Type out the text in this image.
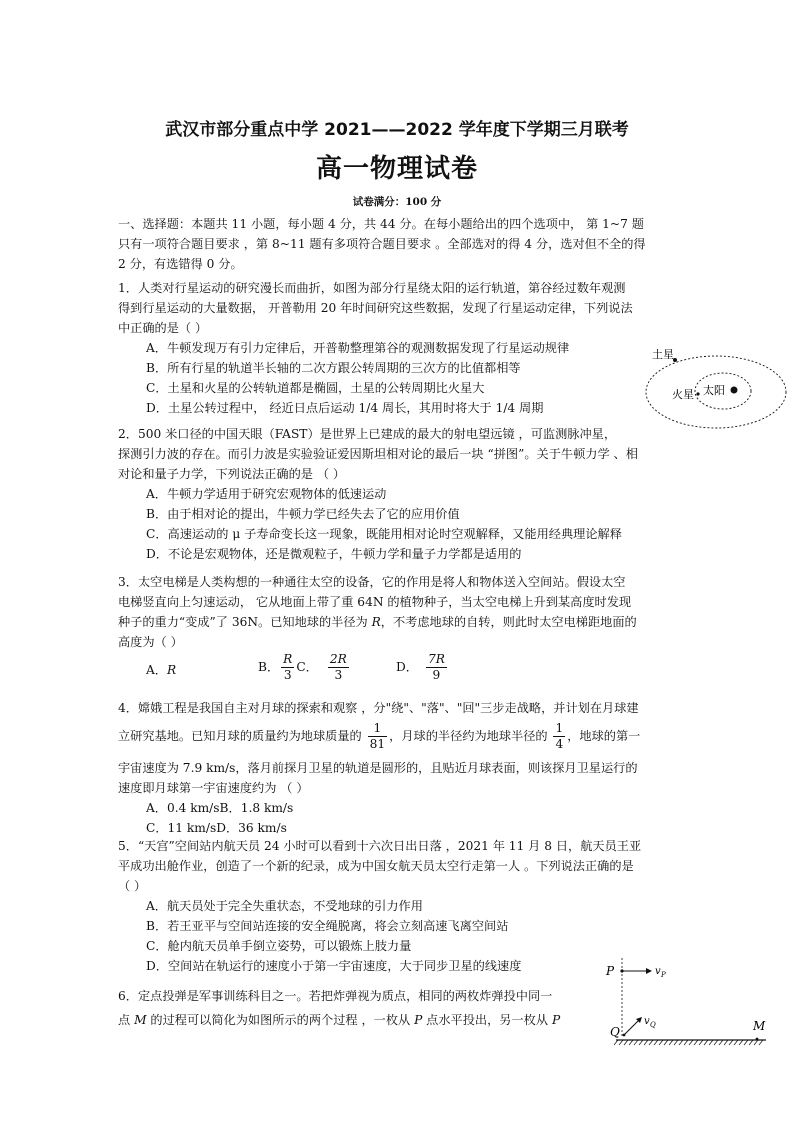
武汉市部分重点中学 2021——2022 学年度下学期三月联考
高一物理试卷
试卷满分：100 分

一、选择题：本题共 11 小题，每小题 4 分，共 44 分。在每小题给出的四个选项中， 第 1~7 题

只有一项符合题目要求 ，第 8~11 题有多项符合题目要求 。全部选对的得 4 分，选对但不全的得

2 分，有选错得 0 分。

1．人类对行星运动的研究漫长而曲折，如图为部分行星绕太阳的运行轨道，第谷经过数年观测

得到行星运动的大量数据， 开普勒用 20 年时间研究这些数据，发现了行星运动定律，下列说法

中正确的是（ ）

A．牛顿发现万有引力定律后，开普勒整理第谷的观测数据发现了行星运动规律

B．所有行星的轨道半长轴的二次方跟公转周期的三次方的比值都相等

C．土星和火星的公转轨道都是椭圆，土星的公转周期比火星大

D．土星公转过程中， 经近日点后运动 1/4 周长，其用时将大于 1/4 周期

土星
火星 太阳

2．500 米口径的中国天眼（FAST）是世界上已建成的最大的射电望远镜 ，可监测脉冲星，

探测引力波的存在。而引力波是实验验证爱因斯坦相对论的最后一块 “拼图”。关于牛顿力学 、相

对论和量子力学，下列说法正确的是 （ ）

A．牛顿力学适用于研究宏观物体的低速运动

B．由于相对论的提出，牛顿力学已经失去了它的应用价值

C．高速运动的 μ 子寿命变长这一现象，既能用相对论时空观解释，又能用经典理论解释

D．不论是宏观物体，还是微观粒子，牛顿力学和量子力学都是适用的

3．太空电梯是人类构想的一种通往太空的设备，它的作用是将人和物体送入空间站。假设太空

电梯竖直向上匀速运动， 它从地面上带了重 64N 的植物种子，当太空电梯上升到某高度时发现

种子的重力“变成”了 36N。已知地球的半径为 R，不考虑地球的自转，则此时太空电梯距地面的

高度为（ ）

A．R	B． $\frac{R}{3}$ C． $\frac{2R}{3}$	D． $\frac{7R}{9}$

4．嫦娥工程是我国自主对月球的探索和观察 ，分"绕"、"落"、"回"三步走战略，并计划在月球建

立研究基地。已知月球的质量约为地球质量的 $\frac{1}{81}$ ，月球的半径约为地球半径的 $\frac{1}{4}$ ，地球的第一

宇宙速度为 7.9 km/s，落月前探月卫星的轨道是圆形的，且贴近月球表面，则该探月卫星运行的

速度即月球第一宇宙速度约为 （ ）

A．0.4 km/sB．1.8 km/s

C．11 km/sD．36 km/s

5．“天宫”空间站内航天员 24 小时可以看到十六次日出日落 ，2021 年 11 月 8 日，航天员王亚

平成功出舱作业，创造了一个新的纪录，成为中国女航天员太空行走第一人 。下列说法正确的是

（ ）

A．航天员处于完全失重状态，不受地球的引力作用

B．若王亚平与空间站连接的安全绳脱离，将会立刻高速飞离空间站

C．舱内航天员单手倒立姿势，可以锻炼上肢力量

D．空间站在轨运行的速度小于第一宇宙速度，大于同步卫星的线速度

6．定点投弹是军事训练科目之一。若把炸弹视为质点，相同的两枚炸弹投中同一

点 M 的过程可以简化为如图所示的两个过程 ，一枚从 P 点水平投出，另一枚从 P

P	v P
Q
v Q	M
